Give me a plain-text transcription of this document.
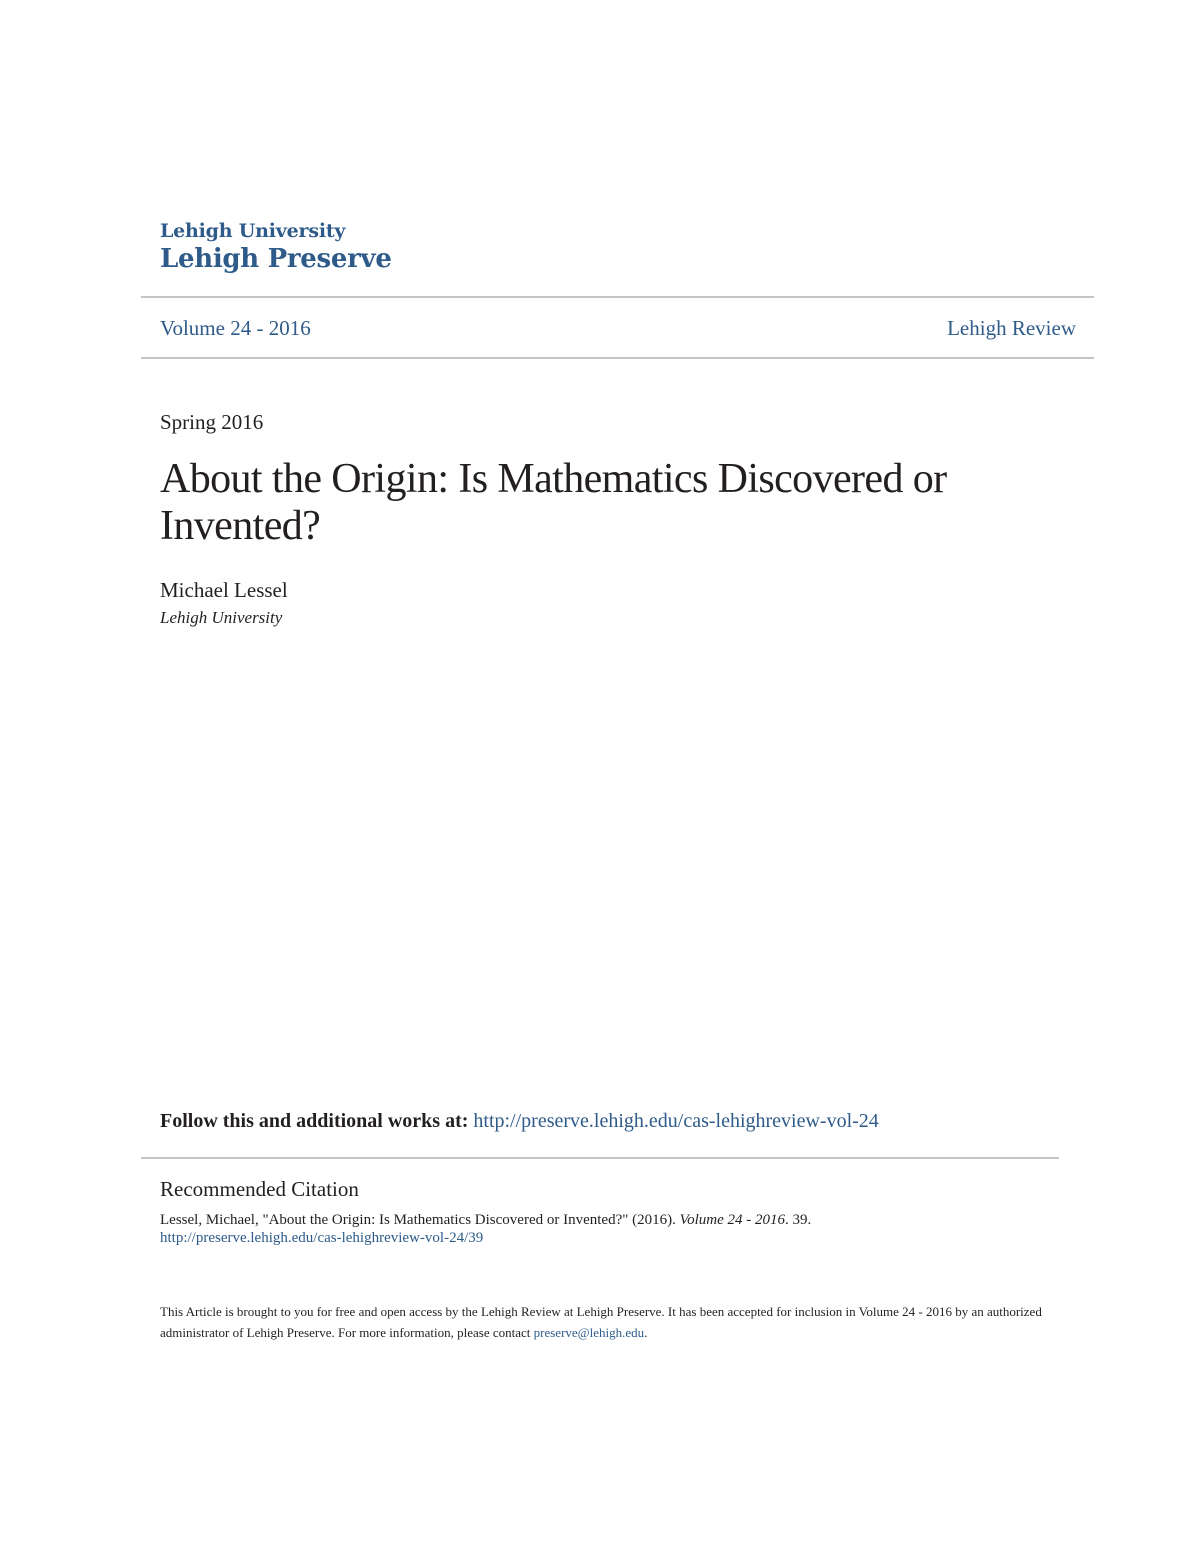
Lehigh University
Lehigh Preserve
Volume 24 - 2016	Lehigh Review
Spring 2016
About the Origin: Is Mathematics Discovered or Invented?
Michael Lessel
Lehigh University
Follow this and additional works at: http://preserve.lehigh.edu/cas-lehighreview-vol-24
Recommended Citation
Lessel, Michael, "About the Origin: Is Mathematics Discovered or Invented?" (2016). Volume 24 - 2016. 39.
http://preserve.lehigh.edu/cas-lehighreview-vol-24/39
This Article is brought to you for free and open access by the Lehigh Review at Lehigh Preserve. It has been accepted for inclusion in Volume 24 - 2016 by an authorized administrator of Lehigh Preserve. For more information, please contact preserve@lehigh.edu.
